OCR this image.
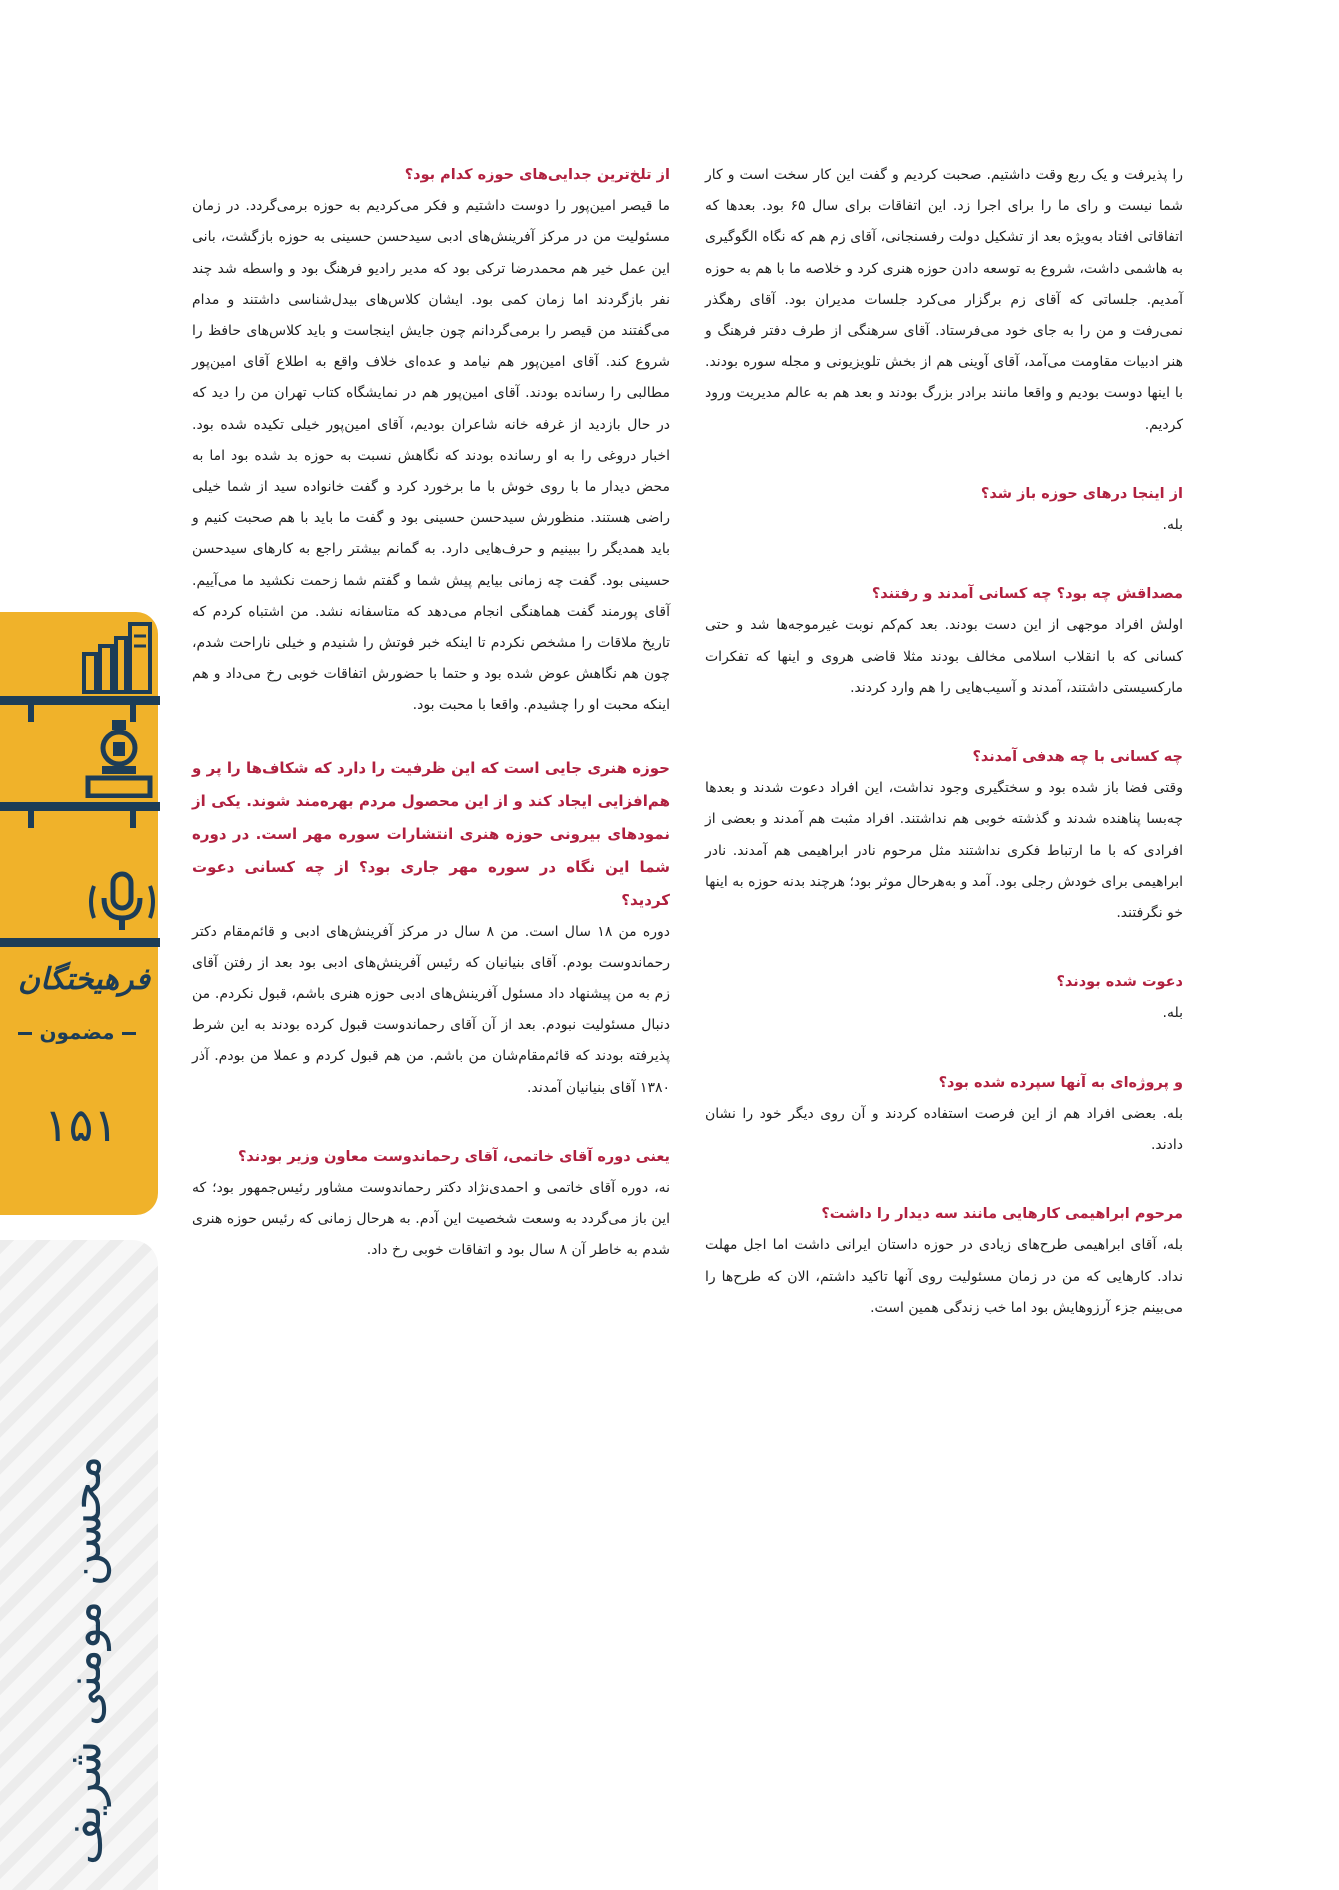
محسن مومنی شریف
فرهیختگان
مضمون
۱۵۱

را پذیرفت و یک ربع وقت داشتیم. صحبت کردیم و گفت این کار سخت است و کار شما نیست و رای ما را برای اجرا زد. این اتفاقات برای سال ۶۵ بود. بعدها که اتفاقاتی افتاد به‌ویژه بعد از تشکیل دولت رفسنجانی، آقای زم هم که نگاه الگوگیری به هاشمی داشت، شروع به توسعه دادن حوزه هنری کرد و خلاصه ما با هم به حوزه آمدیم. جلساتی که آقای زم برگزار می‌کرد جلسات مدیران بود. آقای رهگذر نمی‌رفت و من را به جای خود می‌فرستاد. آقای سرهنگی از طرف دفتر فرهنگ و هنر ادبیات مقاومت می‌آمد، آقای آوینی هم از بخش تلویزیونی و مجله سوره بودند. با اینها دوست بودیم و واقعا مانند برادر بزرگ بودند و بعد هم به عالم مدیریت ورود کردیم.

از اینجا درهای حوزه باز شد؟

بله.

مصداقش چه بود؟ چه کسانی آمدند و رفتند؟

اولش افراد موجهی از این دست بودند. بعد کم‌کم نوبت غیرموجه‌ها شد و حتی کسانی که با انقلاب اسلامی مخالف بودند مثلا قاضی هروی و اینها که تفکرات مارکسیستی داشتند، آمدند و آسیب‌هایی را هم وارد کردند.

چه کسانی با چه هدفی آمدند؟

وقتی فضا باز شده بود و سختگیری وجود نداشت، این افراد دعوت شدند و بعدها چه‌بسا پناهنده شدند و گذشته خوبی هم نداشتند. افراد مثبت هم آمدند و بعضی از افرادی که با ما ارتباط فکری نداشتند مثل مرحوم نادر ابراهیمی هم آمدند. نادر ابراهیمی برای خودش رجلی بود. آمد و به‌هرحال موثر بود؛ هرچند بدنه حوزه به اینها خو نگرفتند.

دعوت شده بودند؟

بله.

و پروژه‌ای به آنها سپرده شده بود؟

بله. بعضی افراد هم از این فرصت استفاده کردند و آن روی دیگر خود را نشان دادند.

مرحوم ابراهیمی کارهایی مانند سه دیدار را داشت؟

بله، آقای ابراهیمی طرح‌های زیادی در حوزه داستان ایرانی داشت اما اجل مهلت نداد. کارهایی که من در زمان مسئولیت روی آنها تاکید داشتم، الان که طرح‌ها را می‌بینم جزء آرزوهایش بود اما خب زندگی همین است.

از تلخ‌ترین جدایی‌های حوزه کدام بود؟

ما قیصر امین‌پور را دوست داشتیم و فکر می‌کردیم به حوزه برمی‌گردد. در زمان مسئولیت من در مرکز آفرینش‌های ادبی سیدحسن حسینی به حوزه بازگشت، بانی این عمل خیر هم محمدرضا ترکی بود که مدیر رادیو فرهنگ بود و واسطه شد چند نفر بازگردند اما زمان کمی بود. ایشان کلاس‌های بیدل‌شناسی داشتند و مدام می‌گفتند من قیصر را برمی‌گردانم چون جایش اینجاست و باید کلاس‌های حافظ را شروع کند. آقای امین‌پور هم نیامد و عده‌ای خلاف واقع به اطلاع آقای امین‌پور مطالبی را رسانده بودند. آقای امین‌پور هم در نمایشگاه کتاب تهران من را دید که در حال بازدید از غرفه خانه شاعران بودیم، آقای امین‌پور خیلی تکیده شده بود. اخبار دروغی را به او رسانده بودند که نگاهش نسبت به حوزه بد شده بود اما به محض دیدار ما با روی خوش با ما برخورد کرد و گفت خانواده سید از شما خیلی راضی هستند. منظورش سیدحسن حسینی بود و گفت ما باید با هم صحبت کنیم و باید همدیگر را ببینیم و حرف‌هایی دارد. به گمانم بیشتر راجع به کارهای سیدحسن حسینی بود. گفت چه زمانی بیایم پیش شما و گفتم شما زحمت نکشید ما می‌آییم. آقای پورمند گفت هماهنگی انجام می‌دهد که متاسفانه نشد. من اشتباه کردم که تاریخ ملاقات را مشخص نکردم تا اینکه خبر فوتش را شنیدم و خیلی ناراحت شدم، چون هم نگاهش عوض شده بود و حتما با حضورش اتفاقات خوبی رخ می‌داد و هم اینکه محبت او را چشیدم. واقعا با محبت بود.

حوزه هنری جایی است که این ظرفیت را دارد که شکاف‌ها را پر و هم‌افزایی ایجاد کند و از این محصول مردم بهره‌مند شوند. یکی از نمودهای بیرونی حوزه هنری انتشارات سوره مهر است. در دوره شما این نگاه در سوره مهر جاری بود؟ از چه کسانی دعوت کردید؟

دوره من ۱۸ سال است. من ۸ سال در مرکز آفرینش‌های ادبی و قائم‌مقام دکتر رحماندوست بودم. آقای بنیانیان که رئیس آفرینش‌های ادبی بود بعد از رفتن آقای زم به من پیشنهاد داد مسئول آفرینش‌های ادبی حوزه هنری باشم، قبول نکردم. من دنبال مسئولیت نبودم. بعد از آن آقای رحماندوست قبول کرده بودند به این شرط پذیرفته بودند که قائم‌مقام‌شان من باشم. من هم قبول کردم و عملا من بودم. آذر ۱۳۸۰ آقای بنیانیان آمدند.

یعنی دوره آقای خاتمی، آقای رحماندوست معاون وزیر بودند؟

نه، دوره آقای خاتمی و احمدی‌نژاد دکتر رحماندوست مشاور رئیس‌جمهور بود؛ که این باز می‌گردد به وسعت شخصیت این آدم. به هرحال زمانی که رئیس حوزه هنری شدم به خاطر آن ۸ سال بود و اتفاقات خوبی رخ داد.
